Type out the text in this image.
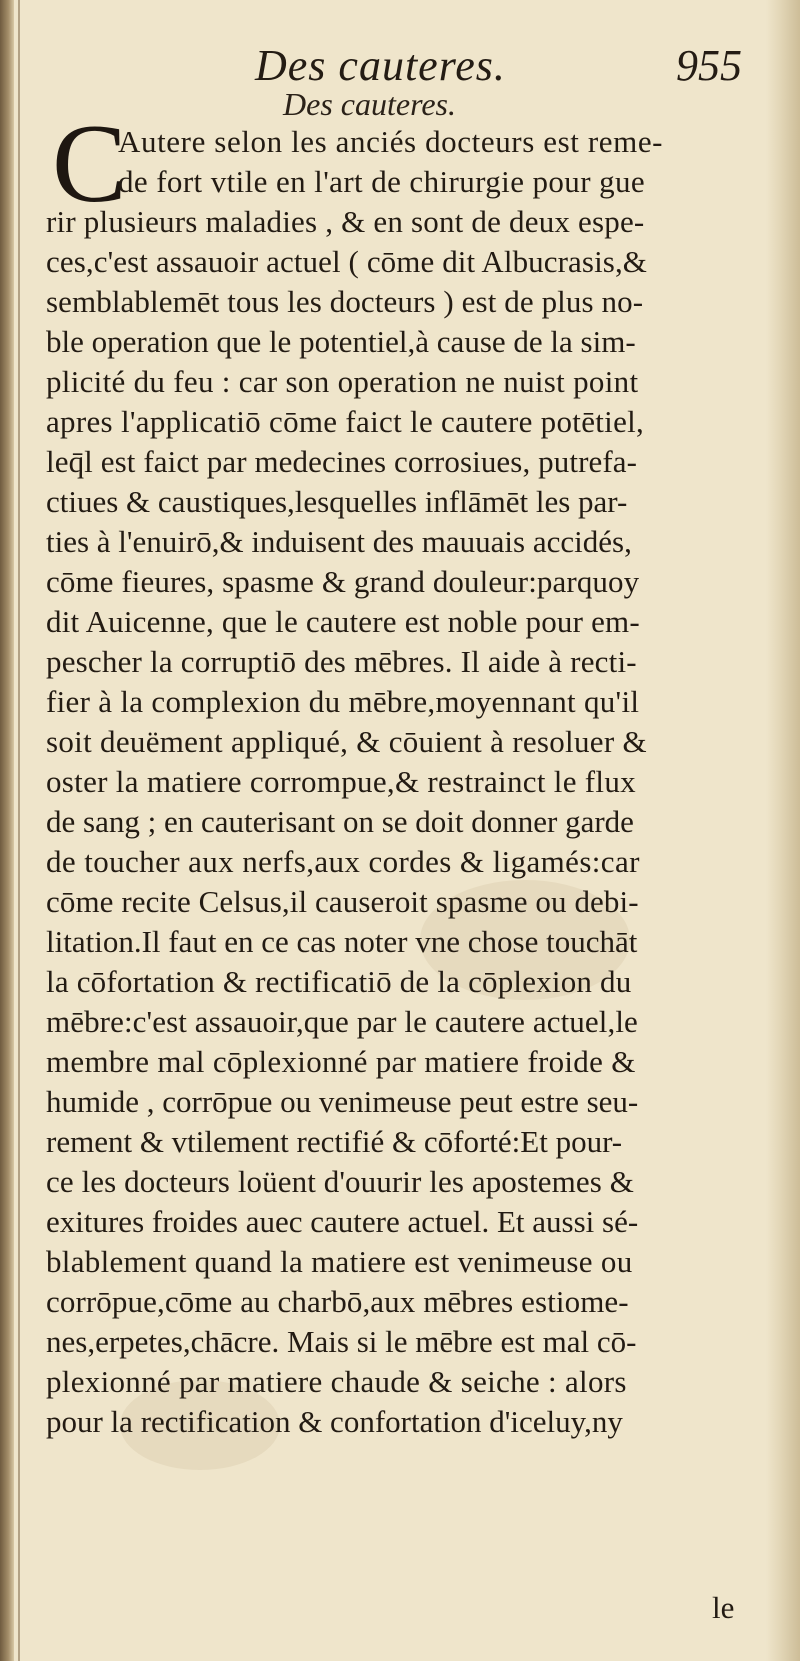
Des cauteres.	955
Des cauteres.
C
Autere selon les anciés docteurs est reme-
de fort vtile en l'art de chirurgie pour gue
rir plusieurs maladies , & en sont de deux espe-
ces,c'est assauoir actuel ( cōme dit Albucrasis,&
semblablemēt tous les docteurs ) est de plus no-
ble operation que le potentiel,à cause de la sim-
plicité du feu : car son operation ne nuist point
apres l'applicatiō cōme faict le cautere potētiel,
leq̄l est faict par medecines corrosiues, putrefa-
ctiues & caustiques,lesquelles inflāmēt les par-
ties à l'enuirō,& induisent des mauuais accidés,
cōme fieures, spasme & grand douleur:parquoy
dit Auicenne, que le cautere est noble pour em-
pescher la corruptiō des mēbres. Il aide à recti-
fier à la complexion du mēbre,moyennant qu'il
soit deuëment appliqué, & cōuient à resoluer &
oster la matiere corrompue,& restrainct le flux
de sang ; en cauterisant on se doit donner garde
de toucher aux nerfs,aux cordes & ligamés:car
cōme recite Celsus,il causeroit spasme ou debi-
litation.Il faut en ce cas noter vne chose touchāt
la cōfortation & rectificatiō de la cōplexion du
mēbre:c'est assauoir,que par le cautere actuel,le
membre mal cōplexionné par matiere froide &
humide , corrōpue ou venimeuse peut estre seu-
rement & vtilement rectifié & cōforté:Et pour-
ce les docteurs loüent d'ouurir les apostemes &
exitures froides auec cautere actuel. Et aussi sé-
blablement quand la matiere est venimeuse ou
corrōpue,cōme au charbō,aux mēbres estiome-
nes,erpetes,chācre. Mais si le mēbre est mal cō-
plexionné par matiere chaude & seiche : alors
pour la rectification & confortation d'iceluy,ny
le
